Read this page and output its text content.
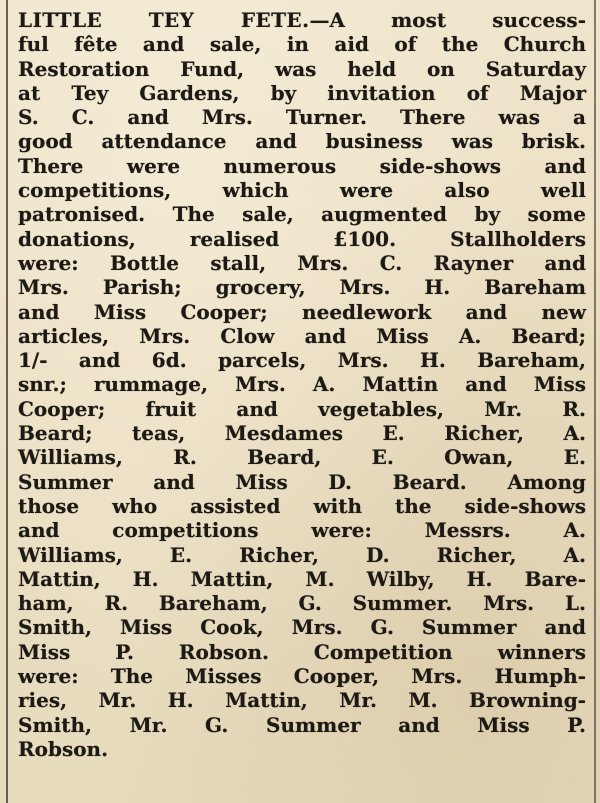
LITTLE TEY FETE.—A most success-
ful fête and sale, in aid of the Church
Restoration Fund, was held on Saturday
at Tey Gardens, by invitation of Major
S. C. and Mrs. Turner. There was a
good attendance and business was brisk.
There were numerous side-shows and
competitions, which were also well
patronised. The sale, augmented by some
donations, realised £100. Stallholders
were: Bottle stall, Mrs. C. Rayner and
Mrs. Parish; grocery, Mrs. H. Bareham
and Miss Cooper; needlework and new
articles, Mrs. Clow and Miss A. Beard;
1/- and 6d. parcels, Mrs. H. Bareham,
snr.; rummage, Mrs. A. Mattin and Miss
Cooper; fruit and vegetables, Mr. R.
Beard; teas, Mesdames E. Richer, A.
Williams, R. Beard, E. Owan, E.
Summer and Miss D. Beard. Among
those who assisted with the side-shows
and competitions were: Messrs. A.
Williams, E. Richer, D. Richer, A.
Mattin, H. Mattin, M. Wilby, H. Bare-
ham, R. Bareham, G. Summer. Mrs. L.
Smith, Miss Cook, Mrs. G. Summer and
Miss P. Robson. Competition winners
were: The Misses Cooper, Mrs. Humph-
ries, Mr. H. Mattin, Mr. M. Browning-
Smith, Mr. G. Summer and Miss P.
Robson.
